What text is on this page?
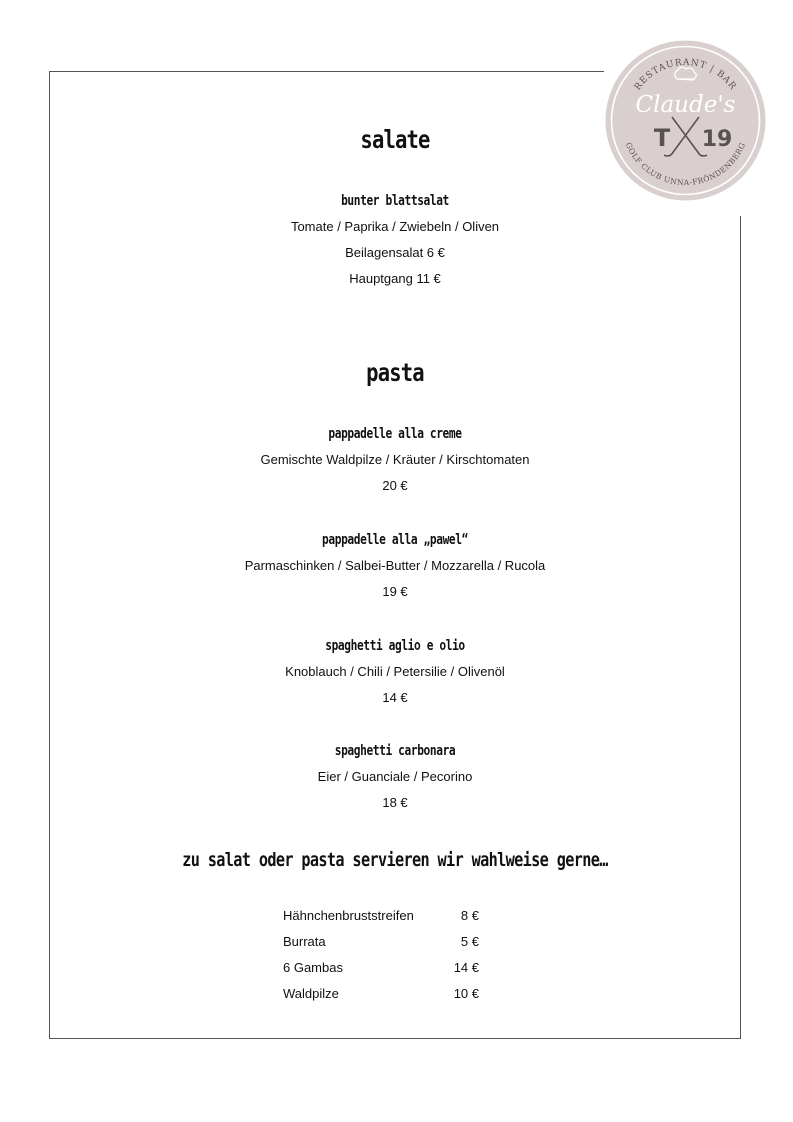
RESTAURANT | BAR
Claude's
T 19
GOLF CLUB UNNA-FRÖNDENBERG
salate

bunter blattsalat

Tomate / Paprika / Zwiebeln / Oliven

Beilagensalat 6 €

Hauptgang 11 €

pasta

pappadelle alla creme

Gemischte Waldpilze / Kräuter / Kirschtomaten

20 €

pappadelle alla „pawel“

Parmaschinken / Salbei-Butter / Mozzarella / Rucola

19 €

spaghetti aglio e olio

Knoblauch / Chili / Petersilie / Olivenöl

14 €

spaghetti carbonara

Eier / Guanciale / Pecorino

18 €

zu salat oder pasta servieren wir wahlweise gerne…
Hähnchenbruststreifen	8 €
Burrata	5 €
6 Gambas	14 €
Waldpilze	10 €
